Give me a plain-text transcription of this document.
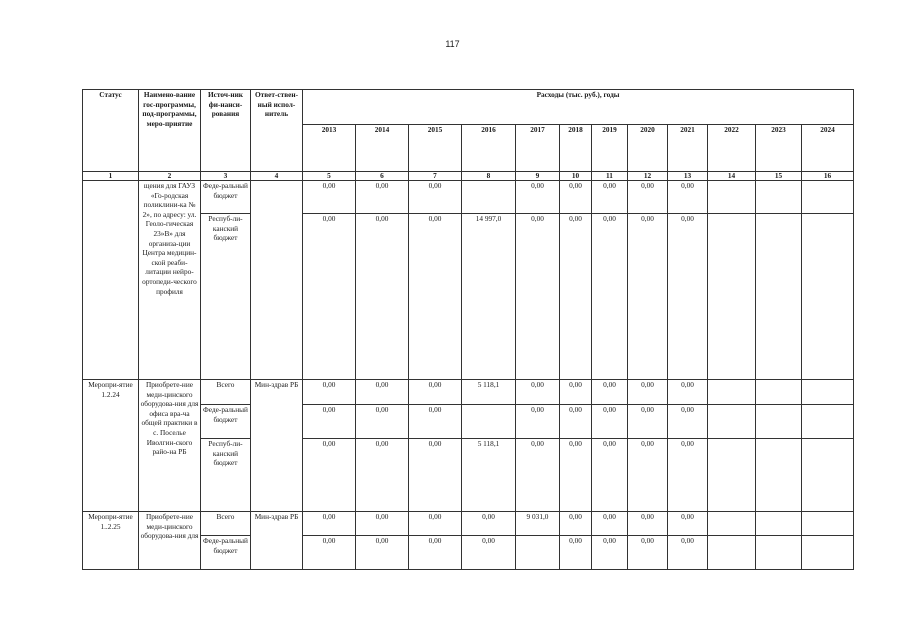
117
Статус	Наимено-вание гос-программы, под-программы, меро-приятие	Источ-ник фи-нанси-рования	Ответ-ствен-ный испол-нитель	Расходы (тыс. руб.), годы											
				2013	2014	2015	2016	2017	2018	2019	2020	2021	2022	2023	2024
1	2	3	4	5	6	7	8	9	10	11	12	13	14	15	16
	щения для ГАУЗ «Го-родская поликлини-ка № 2», по адресу: ул. Геоло-гическая 23»В» для организа-ции Центра медицин-ской реаби-литации нейро-ортопеди-ческого профиля	Феде-ральный бюджет		0,00	0,00	0,00		0,00	0,00	0,00	0,00	0,00			
		Респуб-ли-канский бюджет		0,00	0,00	0,00	14 997,0	0,00	0,00	0,00	0,00	0,00			
Меропри-ятие 1.2.24	Приобрете-ние меди-цинского оборудова-ния для офиса вра-ча общей практики в с. Поселье Иволгин-ского райо-на РБ	Всего	Мин-здрав РБ	0,00	0,00	0,00	5 118,1	0,00	0,00	0,00	0,00	0,00			
		Феде-ральный бюджет		0,00	0,00	0,00		0,00	0,00	0,00	0,00	0,00			
		Респуб-ли-канский бюджет		0,00	0,00	0,00	5 118,1	0,00	0,00	0,00	0,00	0,00			
Меропри-ятие 1..2.25	Приобрете-ние меди-цинского оборудова-ния для	Всего	Мин-здрав РБ	0,00	0,00	0,00	0,00	9 031,0	0,00	0,00	0,00	0,00			
		Феде-ральный бюджет		0,00	0,00	0,00	0,00		0,00	0,00	0,00	0,00			
